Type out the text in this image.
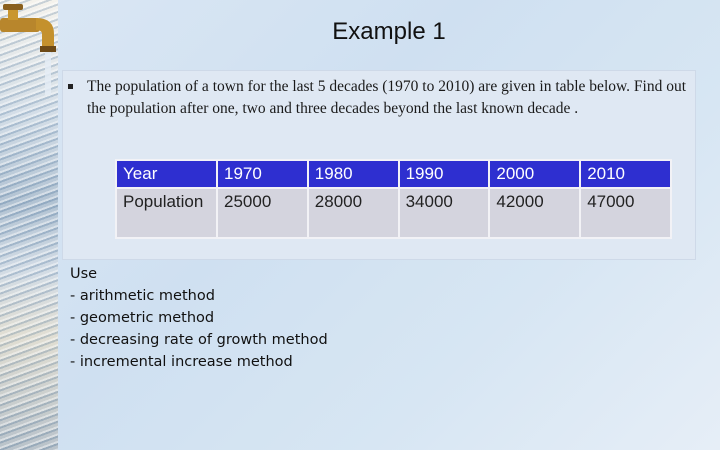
Example 1
The population of a town for the last 5 decades (1970 to 2010) are given in table below. Find out the population after one, two and three decades beyond the last known decade .
Year	1970	1980	1990	2000	2010
Population	25000	28000	34000	42000	47000
Use
- arithmetic method
- geometric method
- decreasing rate of growth method
- incremental increase method
